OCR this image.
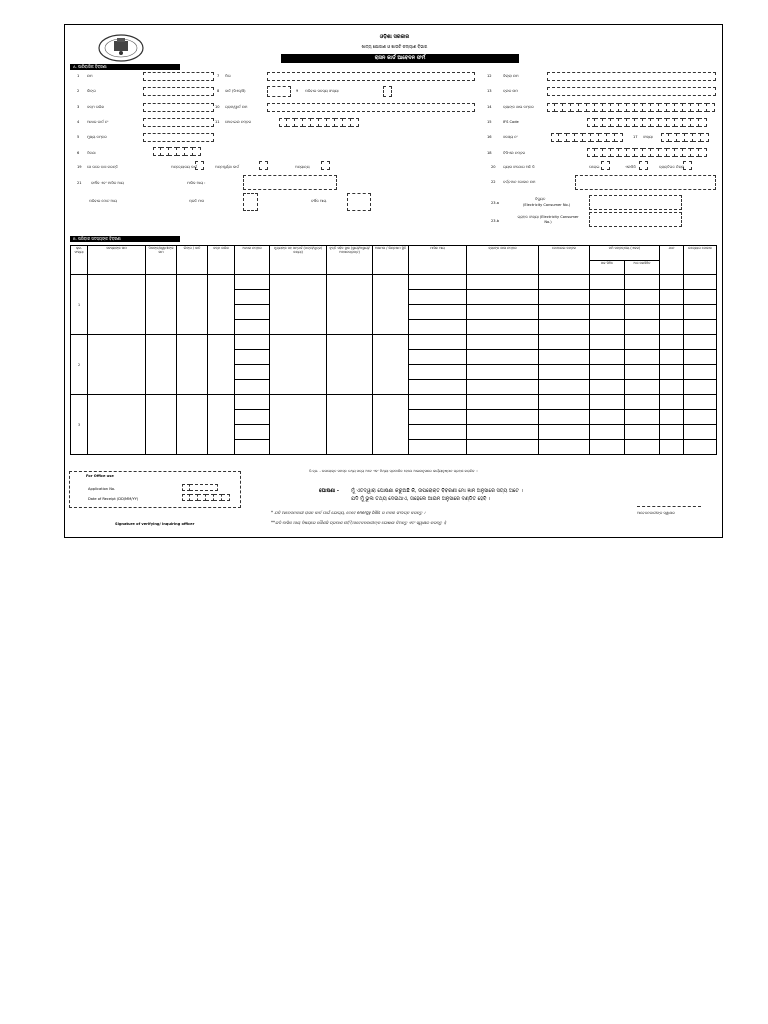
ଓଡ଼ିଶା ସରକାର
ଖାଦ୍ୟ ଯୋଗାଣ ଓ ଖାଉଟି କଲ୍ୟାଣ ବିଭାଗ
ରାସନ କାର୍ଡ ଆବେଦନ ଫର୍ମ
A. ପାରିବାରିକ ବିବରଣୀ
1 ନାମ
2 ଲିଙ୍ଗ
3 ଜନ୍ମ ତାରିଖ
4 ଆଧାର କାର୍ଡ ନଂ
5 ମୁଖ୍ୟ ନମ୍ବର
6 ଠିକଣା
7 ପିତା
8 ଜାତି (ସିଏସ୍/ସି)	9 ପରିବାର ସଦସ୍ୟ ସଂଖ୍ୟା
10 ଗ୍ରାମ/ୱାର୍ଡ ନାମ
11 ମୋବାଇଲ ନମ୍ବର
12	ଜିଲ୍ଲା ନାମ
13	ବ୍ଲକ ନାମ
14	ବ୍ୟାଙ୍କ ଖାତା ନମ୍ବର
15	IFS Code
16	ସଦସ୍ୟ ନଂ	17 ସଂଖ୍ୟା
18	ବିପିଏଲ ନମ୍ବର
19 ସେ ଘରେ ବାସ କରନ୍ତି	ଅନ୍ତ୍ୟୋଦୟ କାର୍ଡ	ଅନ୍ନପୂର୍ଣ୍ଣା କାର୍ଡ	ଅନ୍ୟାନ୍ୟ	20 ଗ୍ୟାସ ସଂଯୋଗ ଅଛି କି	ଘରୋଇ	ଏଲପିଜି	ବ୍ୟକ୍ତିଗତ ନିୟମ
21	ବାର୍ଷିକ ଏବଂ ମାସିକ ଆୟ	ମାସିକ ଆୟ :
ପରିବାର ମୋଟ ଆୟ	ପ୍ରତି ମାସ	ବର୍ଷିକ ଆୟ
22 ବର୍ତ୍ତମାନ ଦୋକାନ ନାମ
23.a
ବିଦ୍ୟୁତ
(Electricity Consumer No.)
23.b
ଗ୍ରାହକ ସଂଖ୍ୟା (Electricity Consumer No.)
B. ପରିବାର ସଦସ୍ୟଙ୍କ ବିବରଣୀ
କ୍ର. ସଂଖ୍ୟା	ସଦସ୍ୟଙ୍କ ନାମ	ପିତାଙ୍କ/ସ୍ୱାମୀଙ୍କ ନାମ	ଲିଙ୍ଗ / ଜାତି	ଜନ୍ମ ତାରିଖ	ଆଧାର ନମ୍ବର	ମୁଖ୍ୟଙ୍କ ସହ ସମ୍ପର୍କ (ପତ୍ନୀ/ପୁତ୍ର/କନ୍ୟା)	ବୃତ୍ତି ସହିତ ସ୍ଥାନ (ସ୍ଥାୟୀ/ଅସ୍ଥାୟୀ/ଅବସରପ୍ରାପ୍ତ)	ଅକ୍ଷମତା / ଭିନ୍ନକ୍ଷମ ସ୍ଥିତି	ମାସିକ ଆୟ	ବ୍ୟାଙ୍କ ଖାତା ନମ୍ବର	ମୋବାଇଲ ନମ୍ବର	ଜମି ସମ୍ବନ୍ଧୀୟ (ଏକର)		ଯାନ	ଉଦ୍ୟୋଗ ଦୋକାନ
												ଜଳ ସିଞ୍ଚିତ	ଅଣ ଜଳସିଞ୍ଚିତ		
1															

2															

3															

ବି.ଦ୍ର. - ଉପରୋକ୍ତ ସମସ୍ତ ତଥ୍ୟ ସତ୍ୟ ଅଟେ ଏବଂ ମିଥ୍ୟା ପ୍ରମାଣିତ ହେଲେ ଆଇନାନୁସାରେ କାର୍ଯ୍ୟାନୁଷ୍ଠାନ ଗ୍ରହଣ କରାଯିବ ।
For Office use
Application No.
Date of Receipt (DD/MM/YY)
Signature of verifying/ inquiring officer
ଘୋଷଣା - ମୁଁ ଏତଦ୍ୱାରା ଘୋଷଣା କରୁଅଛି କି, ଉପରୋକ୍ତ ବିବରଣୀ ମୋ ଜ୍ଞାନ ଅନୁସାରେ ସତ୍ୟ ଅଟେ ।
ଯଦି ମୁଁ ଭୁଲ ତଥ୍ୟ ଦେଇଥାଏ, ତାହେଲେ ଆଇନ ଅନୁସାରେ ଦଣ୍ଡିତ ହେବି ।
* ଯଦି ଆବେଦନକାରୀ ରାସନ କାର୍ଡ ପାଇଁ ଯୋଗ୍ୟ, ତେବେ energy bills ର ନକଲ ସଂଲଗ୍ନ କରନ୍ତୁ ।
**ଯଦି ମାସିକ ଆୟ ବିଷୟରେ କୌଣସି ପ୍ରମାଣ ନାହିଁ (ଆବେଦନକାରୀଙ୍କ ଘୋଷଣା ଦିଅନ୍ତୁ ଏବଂ ସ୍ୱାକ୍ଷର କରନ୍ତୁ ।)
ଆବେଦନକାରୀଙ୍କ ସ୍ୱାକ୍ଷର
